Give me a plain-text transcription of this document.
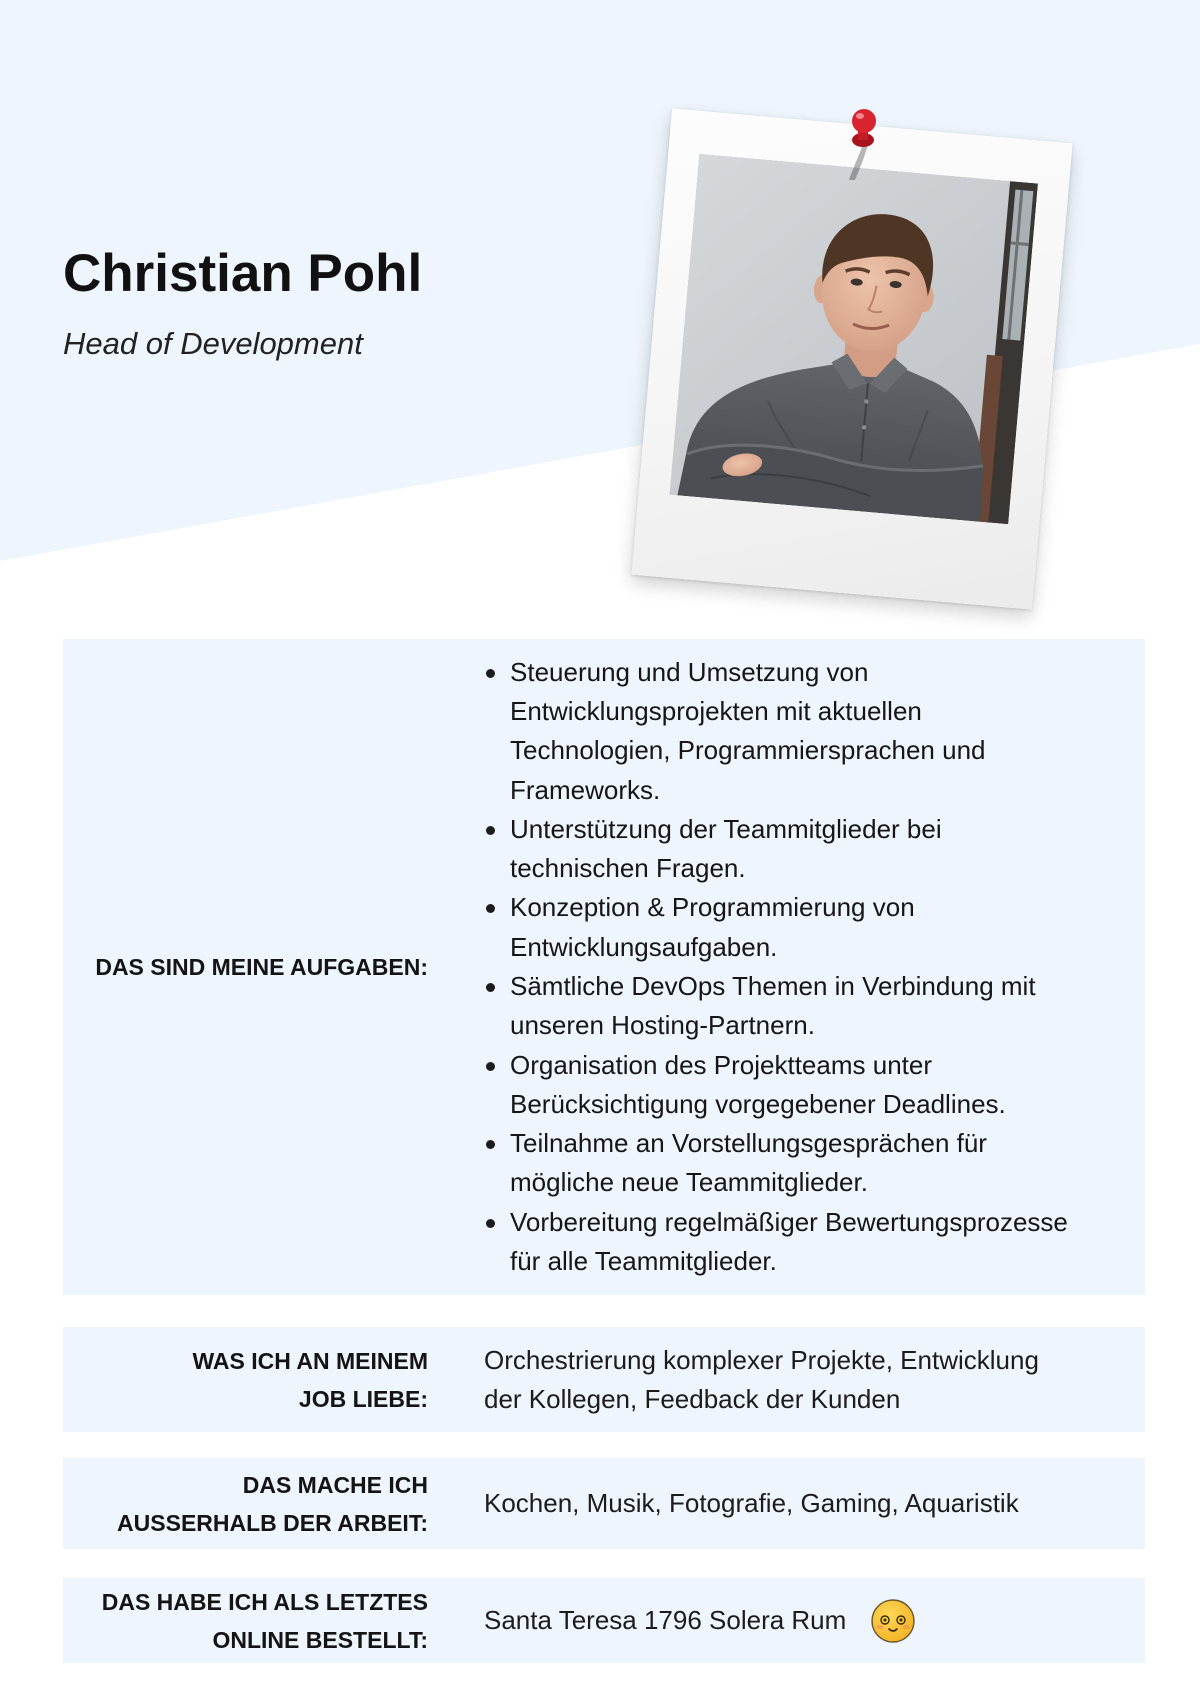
Christian Pohl
Head of Development
DAS SIND MEINE AUFGABEN:
Steuerung und Umsetzung von Entwicklungsprojekten mit aktuellen Technologien, Programmiersprachen und Frameworks.
Unterstützung der Teammitglieder bei technischen Fragen.
Konzeption & Programmierung von Entwicklungsaufgaben.
Sämtliche DevOps Themen in Verbindung mit unseren Hosting-Partnern.
Organisation des Projektteams unter Berücksichtigung vorgegebener Deadlines.
Teilnahme an Vorstellungsgesprächen für mögliche neue Teammitglieder.
Vorbereitung regelmäßiger Bewertungsprozesse für alle Teammitglieder.
WAS ICH AN MEINEM
JOB LIEBE:
Orchestrierung komplexer Projekte, Entwicklung der Kollegen, Feedback der Kunden
DAS MACHE ICH
AUSSERHALB DER ARBEIT:
Kochen, Musik, Fotografie, Gaming, Aquaristik
DAS HABE ICH ALS LETZTES
ONLINE BESTELLT:
Santa Teresa 1796 Solera Rum
